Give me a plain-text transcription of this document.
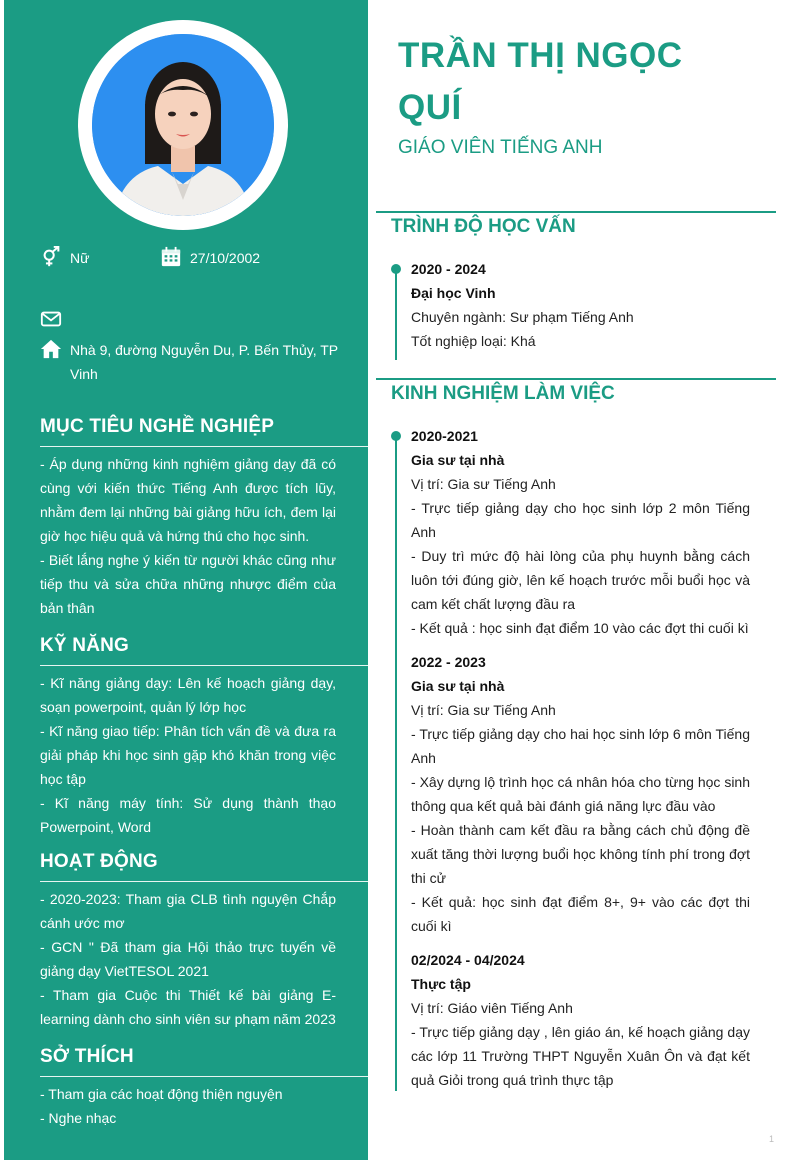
Nữ	27/10/2002
Nhà 9, đường Nguyễn Du, P. Bến Thủy, TP Vinh
MỤC TIÊU NGHỀ NGHIỆP

- Áp dụng những kinh nghiệm giảng dạy đã có cùng với kiến thức Tiếng Anh được tích lũy, nhằm đem lại những bài giảng hữu ích, đem lại giờ học hiệu quả và hứng thú cho học sinh.

- Biết lắng nghe ý kiến từ người khác cũng như tiếp thu và sửa chữa những nhược điểm của bản thân

KỸ NĂNG

- Kĩ năng giảng dạy: Lên kế hoạch giảng dạy, soạn powerpoint, quản lý lớp học

- Kĩ năng giao tiếp: Phân tích vấn đề và đưa ra giải pháp khi học sinh gặp khó khăn trong việc học tập

- Kĩ năng máy tính: Sử dụng thành thạo Powerpoint, Word

HOẠT ĐỘNG

- 2020-2023: Tham gia CLB tình nguyện Chắp cánh ước mơ

- GCN " Đã tham gia Hội thảo trực tuyến về giảng dạy VietTESOL 2021

- Tham gia Cuộc thi Thiết kế bài giảng E-learning dành cho sinh viên sư phạm năm 2023

SỞ THÍCH

- Tham gia các hoạt động thiện nguyện

- Nghe nhạc

TRẦN THỊ NGỌC QUÍ
GIÁO VIÊN TIẾNG ANH
TRÌNH ĐỘ HỌC VẤN

2020 - 2024

Đại học Vinh

Chuyên ngành: Sư phạm Tiếng Anh

Tốt nghiệp loại: Khá

KINH NGHIỆM LÀM VIỆC

2020-2021

Gia sư tại nhà

Vị trí: Gia sư Tiếng Anh

- Trực tiếp giảng dạy cho học sinh lớp 2 môn Tiếng Anh

- Duy trì mức độ hài lòng của phụ huynh bằng cách luôn tới đúng giờ, lên kế hoạch trước mỗi buổi học và cam kết chất lượng đầu ra

- Kết quả : học sinh đạt điểm 10 vào các đợt thi cuối kì

2022 - 2023

Gia sư tại nhà

Vị trí: Gia sư Tiếng Anh

- Trực tiếp giảng dạy cho hai học sinh lớp 6 môn Tiếng Anh

- Xây dựng lộ trình học cá nhân hóa cho từng học sinh thông qua kết quả bài đánh giá năng lực đầu vào

- Hoàn thành cam kết đầu ra bằng cách chủ động đề xuất tăng thời lượng buổi học không tính phí trong đợt thi cử

- Kết quả: học sinh đạt điểm 8+, 9+ vào các đợt thi cuối kì

02/2024 - 04/2024

Thực tập

Vị trí: Giáo viên Tiếng Anh

- Trực tiếp giảng dạy , lên giáo án, kế hoạch giảng dạy các lớp 11 Trường THPT Nguyễn Xuân Ôn và đạt kết quả Giỏi trong quá trình thực tập

1
